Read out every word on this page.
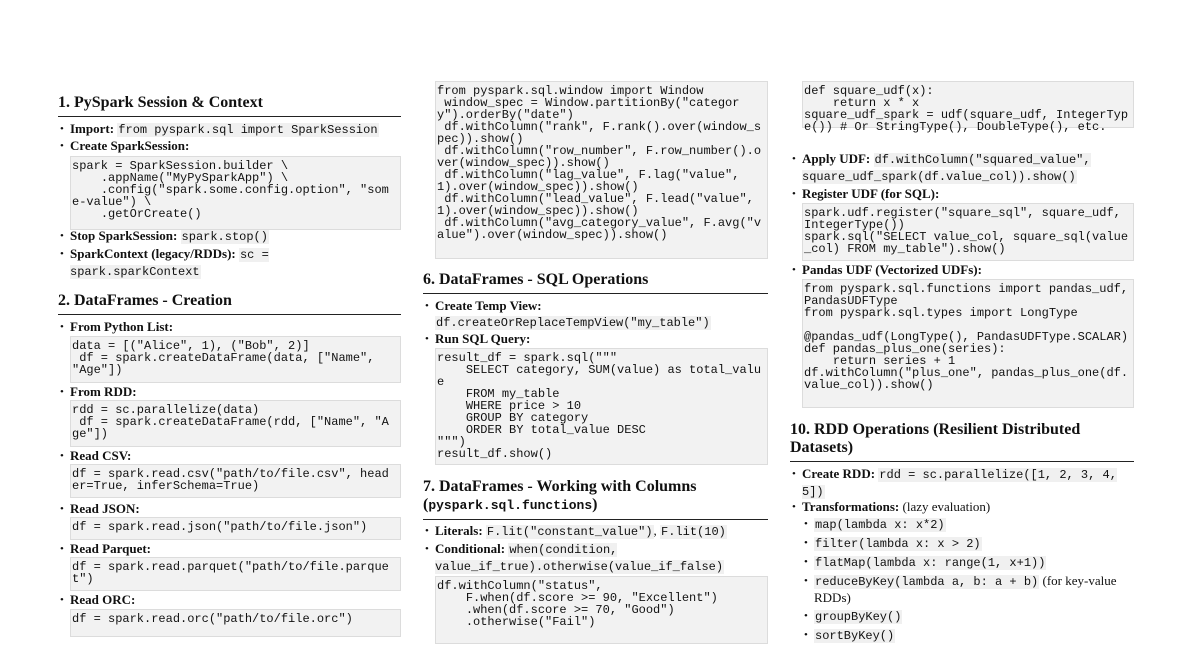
1. PySpark Session & Context
• Import: from pyspark.sql import SparkSession
• Create SparkSession:
spark = SparkSession.builder \
.appName("MyPySparkApp") \
.config("spark.some.config.option", "some-value") \
.getOrCreate()
• Stop SparkSession: spark.stop()
• SparkContext (legacy/RDDs): sc = spark.sparkContext
2. DataFrames - Creation
• From Python List:
data = [("Alice", 1), ("Bob", 2)]
df = spark.createDataFrame(data, ["Name", "Age"])
• From RDD:
rdd = sc.parallelize(data)
df = spark.createDataFrame(rdd, ["Name", "Age"])
• Read CSV:
df = spark.read.csv("path/to/file.csv", header=True, inferSchema=True)
• Read JSON:
df = spark.read.json("path/to/file.json")
• Read Parquet:
df = spark.read.parquet("path/to/file.parquet")
• Read ORC:
df = spark.read.orc("path/to/file.orc")
from pyspark.sql.window import Window
window_spec = Window.partitionBy("category").orderBy("date")
df.withColumn("rank", F.rank().over(window_spec)).show()
df.withColumn("row_number", F.row_number().over(window_spec)).show()
df.withColumn("lag_value", F.lag("value", 1).over(window_spec)).show()
df.withColumn("lead_value", F.lead("value", 1).over(window_spec)).show()
df.withColumn("avg_category_value", F.avg("value").over(window_spec)).show()
6. DataFrames - SQL Operations
• Create Temp View:
df.createOrReplaceTempView("my_table")
• Run SQL Query:
result_df = spark.sql("""
SELECT category, SUM(value) as total_value
FROM my_table
WHERE price > 10
GROUP BY category
ORDER BY total_value DESC
""")
result_df.show()
7. DataFrames - Working with Columns
(pyspark.sql.functions)
• Literals: F.lit("constant_value"), F.lit(10)
• Conditional: when(condition, value_if_true).otherwise(value_if_false)
df.withColumn("status",
F.when(df.score >= 90, "Excellent")
.when(df.score >= 70, "Good")
.otherwise("Fail")
def square_udf(x):
return x * x
square_udf_spark = udf(square_udf, IntegerType()) # Or StringType(), DoubleType(), etc.
• Apply UDF: df.withColumn("squared_value", square_udf_spark(df.value_col)).show()
• Register UDF (for SQL):
spark.udf.register("square_sql", square_udf, IntegerType())
spark.sql("SELECT value_col, square_sql(value_col) FROM my_table").show()
• Pandas UDF (Vectorized UDFs):
from pyspark.sql.functions import pandas_udf, PandasUDFType
from pyspark.sql.types import LongType

@pandas_udf(LongType(), PandasUDFType.SCALAR)
def pandas_plus_one(series):
return series + 1
df.withColumn("plus_one", pandas_plus_one(df.value_col)).show()
10. RDD Operations (Resilient Distributed Datasets)
• Create RDD: rdd = sc.parallelize([1, 2, 3, 4, 5])
• Transformations: (lazy evaluation)
• map(lambda x: x*2)
• filter(lambda x: x > 2)
• flatMap(lambda x: range(1, x+1))
• reduceByKey(lambda a, b: a + b) (for key-value RDDs)
• groupByKey()
• sortByKey()
